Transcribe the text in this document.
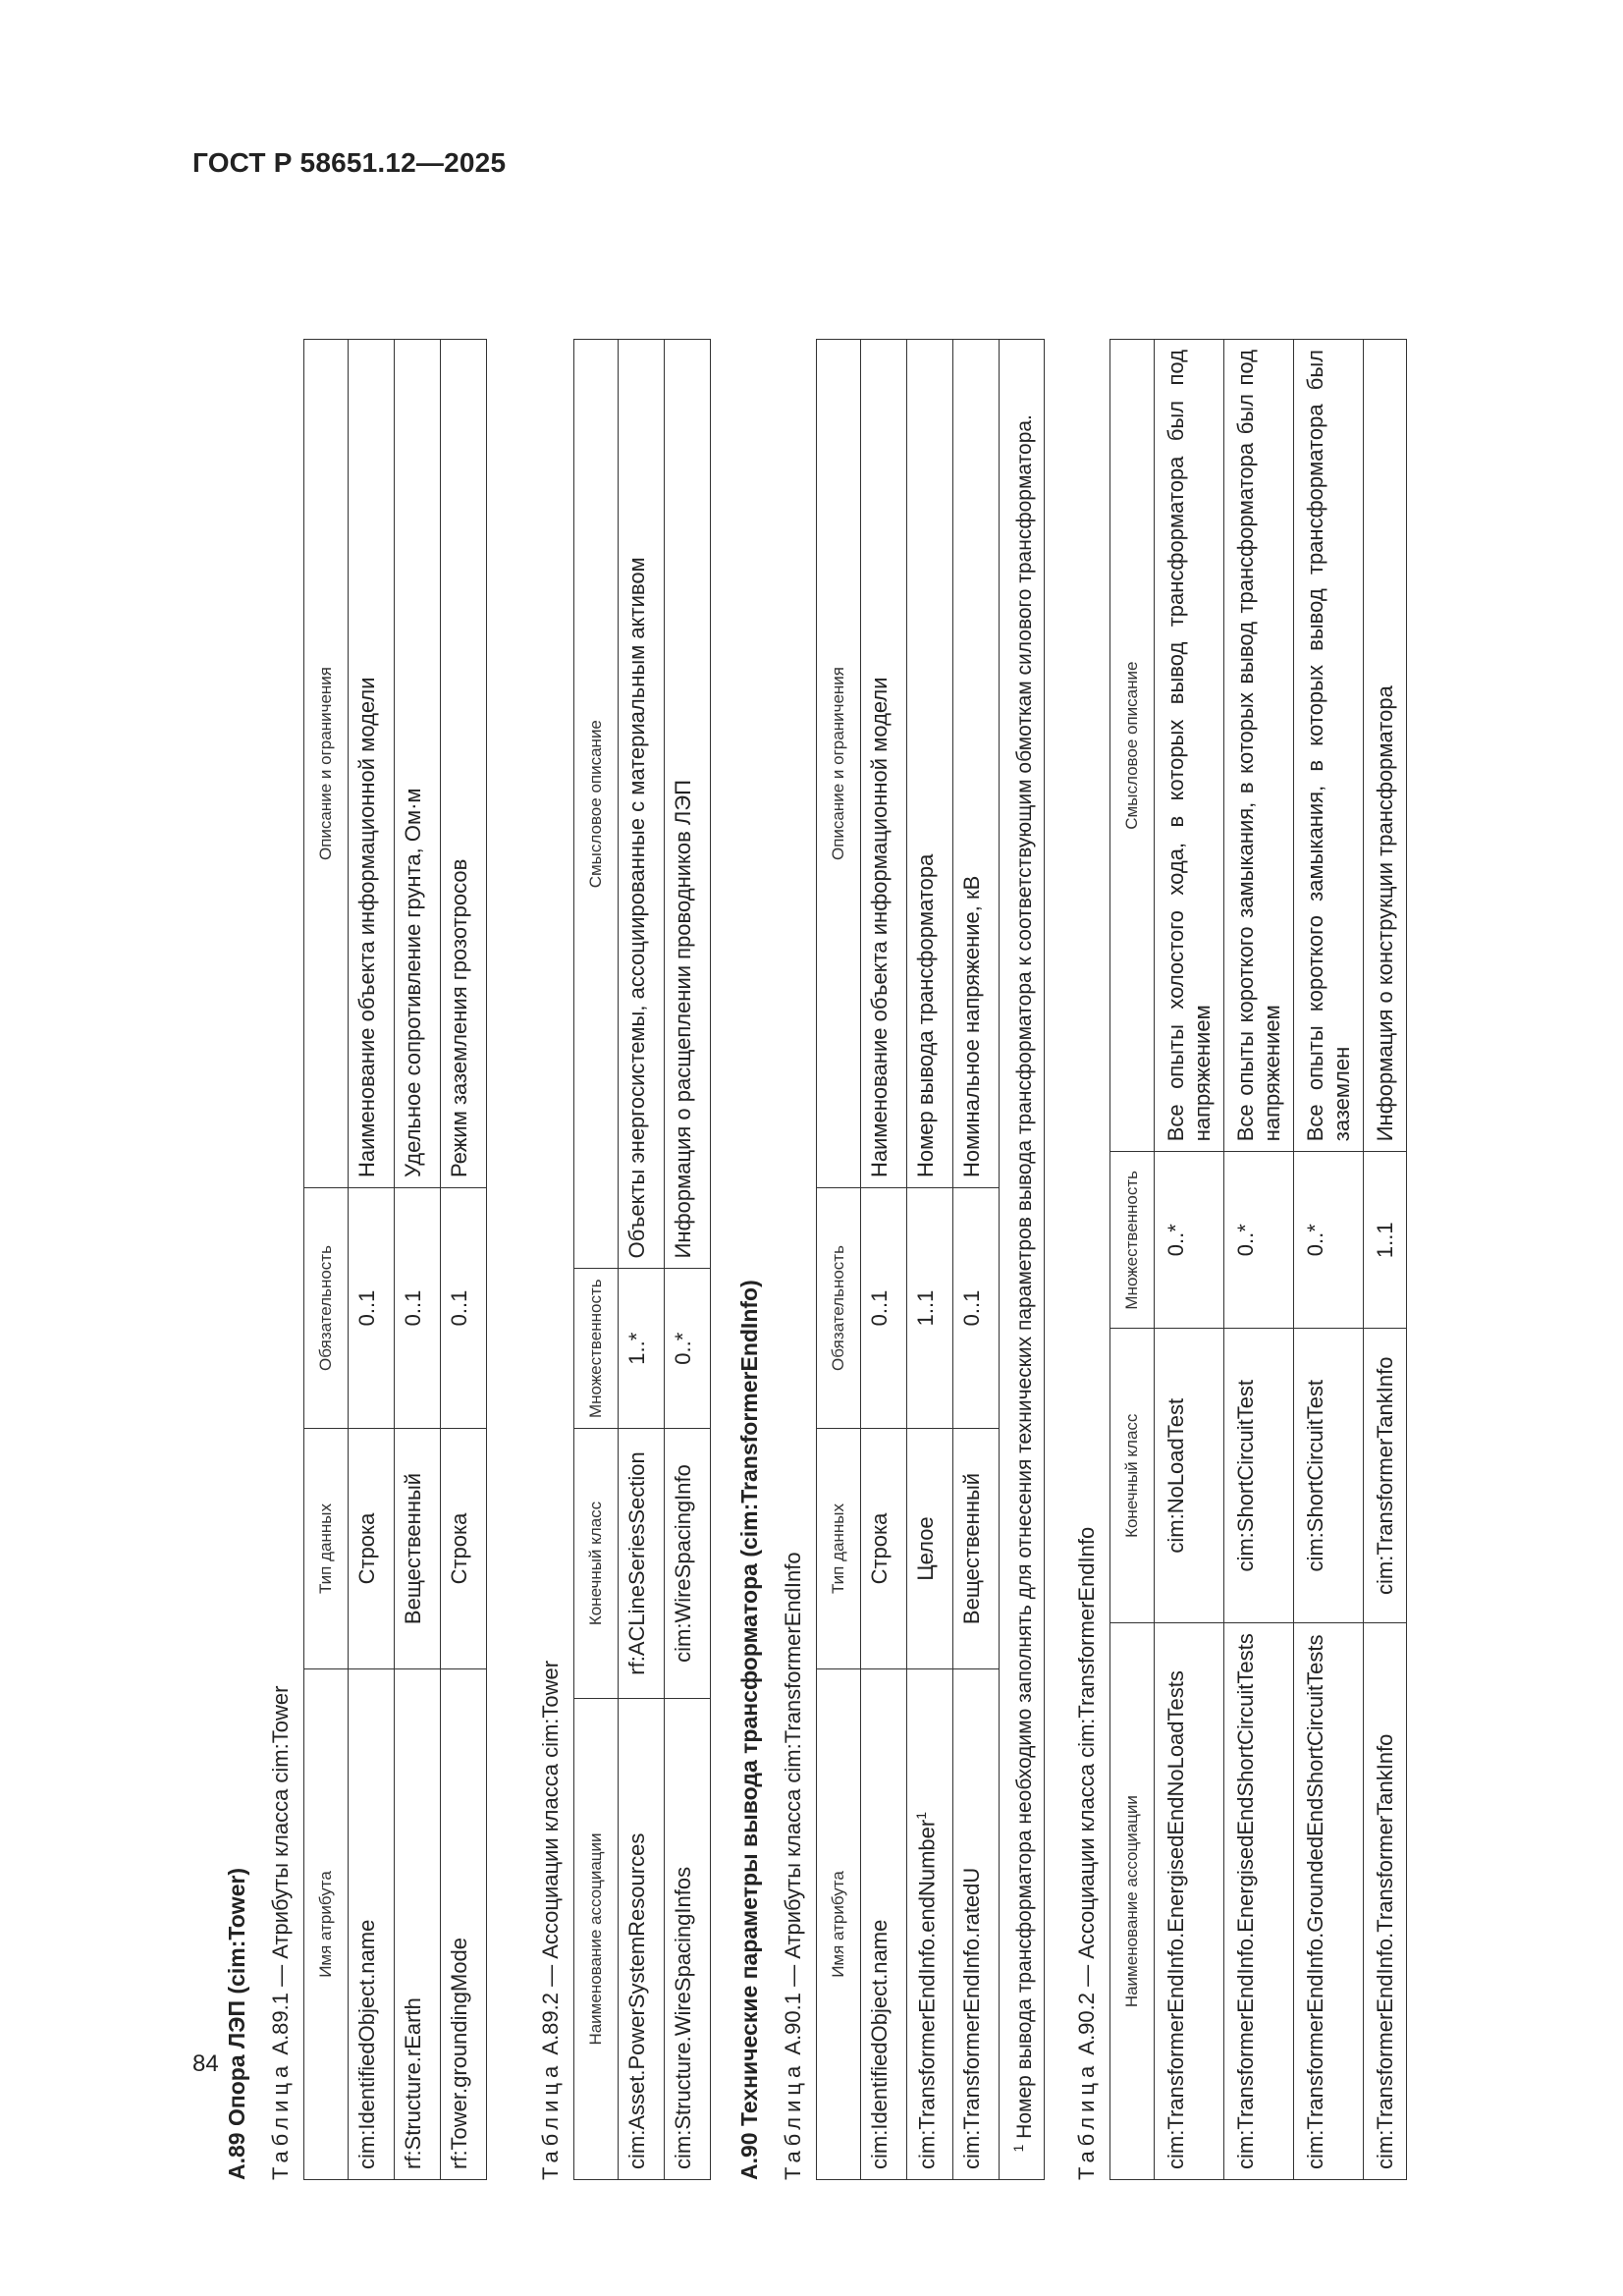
ГОСТ Р 58651.12—2025
84 А.89 Опора ЛЭП (cim:Tower) Таблица А.89.1 — Атрибуты класса cim:Tower Имя атрибута	Тип данных	Обязательность	Описание и ограничения
cim:IdentifiedObject.name	Строка	0..1	Наименование объекта информационной модели
rf:Structure.rEarth	Вещественный	0..1	Удельное сопротивление грунта, Ом·м
rf:Tower.groundingMode	Строка	0..1	Режим заземления грозотросов
Таблица А.89.2 — Ассоциации класса cim:Tower Наименование ассоциации	Конечный класс	Множественность	Смысловое описание
cim:Asset.PowerSystemResources	rf:ACLineSeriesSection	1..*	Объекты энергосистемы, ассоциированные с материальным активом
cim:Structure.WireSpacingInfos	cim:WireSpacingInfo	0..*	Информация о расщеплении проводников ЛЭП
А.90 Технические параметры вывода трансформатора (cim:TransformerEndInfo) Таблица А.90.1 — Атрибуты класса cim:TransformerEndInfo Имя атрибута	Тип данных	Обязательность	Описание и ограничения
cim:IdentifiedObject.name	Строка	0..1	Наименование объекта информационной модели
cim:TransformerEndInfo.endNumber$^1$	Целое	1..1	Номер вывода трансформатора
cim:TransformerEndInfo.ratedU	Вещественный	0..1	Номинальное напряжение, кВ
$^1$ Номер вывода трансформатора необходимо заполнять для отнесения технических параметров вывода трансформатора к соответствующим обмоткам силового трансформатора.	Таблица А.90.2 — Ассоциации класса cim:TransformerEndInfo Наименование ассоциации	Конечный класс	Множественность	Смысловое описание
cim:TransformerEndInfo.EnergisedEndNoLoadTests	cim:NoLoadTest	0..*	Все опыты холостого хода, в которых вывод трансформатора был под напряжением
cim:TransformerEndInfo.EnergisedEndShortCircuitTests	cim:ShortCircuitTest	0..*	Все опыты короткого замыкания, в которых вывод трансформатора был под напряжением
cim:TransformerEndInfo.GroundedEndShortCircuitTests	cim:ShortCircuitTest	0..*	Все опыты короткого замыкания, в которых вывод трансформатора был заземлен
cim:TransformerEndInfo.TransformerTankInfo	cim:TransformerTankInfo	1..1	Информация о конструкции трансформатора
